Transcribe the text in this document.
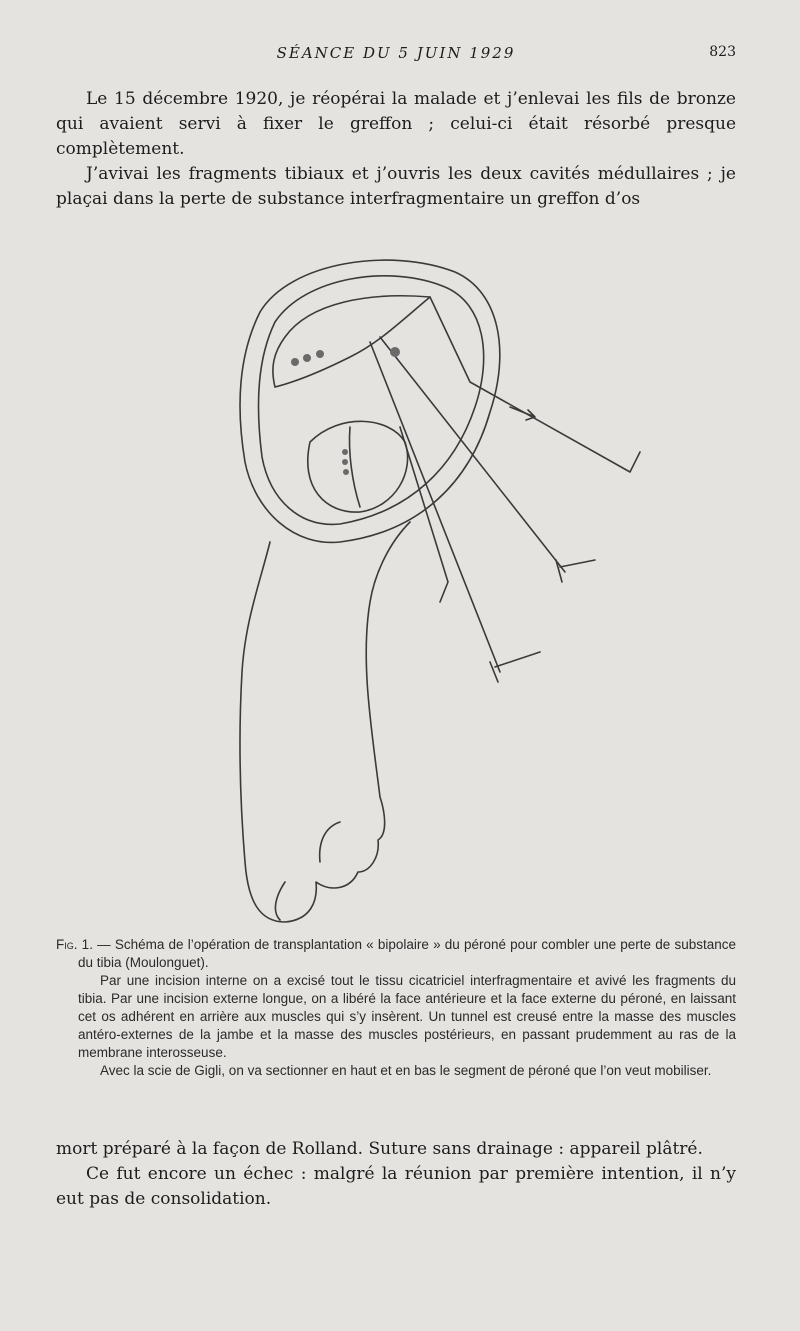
SÉANCE DU 5 JUIN 1929	823

Le 15 décembre 1920, je réopérai la malade et j’enlevai les fils de bronze qui avaient servi à fixer le greffon ; celui-ci était résorbé presque complètement.

J’avivai les fragments tibiaux et j’ouvris les deux cavités médullaires ; je plaçai dans la perte de substance interfragmentaire un greffon d’os

Fig. 1. — Schéma de l’opération de transplantation « bipolaire » du péroné pour combler une perte de substance du tibia (Moulonguet).

Par une incision interne on a excisé tout le tissu cicatriciel interfragmentaire et avivé les fragments du tibia. Par une incision externe longue, on a libéré la face antérieure et la face externe du péroné, en laissant cet os adhérent en arrière aux muscles qui s’y insèrent. Un tunnel est creusé entre la masse des muscles antéro-externes de la jambe et la masse des muscles postérieurs, en passant prudemment au ras de la membrane interosseuse.

Avec la scie de Gigli, on va sectionner en haut et en bas le segment de péroné que l’on veut mobiliser.

mort préparé à la façon de Rolland. Suture sans drainage : appareil plâtré.

Ce fut encore un échec : malgré la réunion par première intention, il n’y eut pas de consolidation.
